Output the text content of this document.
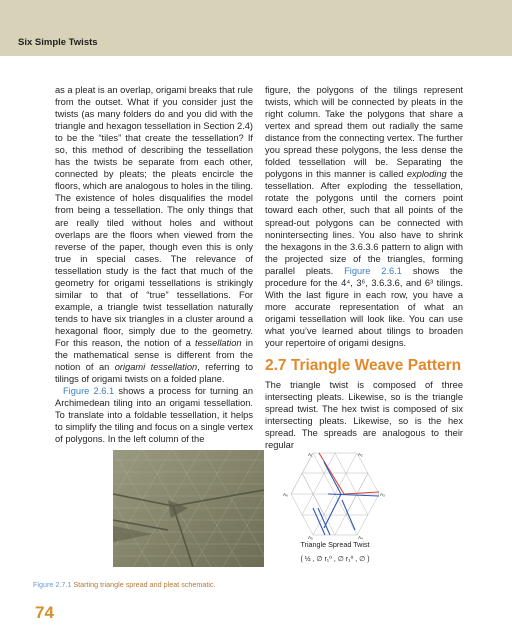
Six Simple Twists

as a pleat is an overlap, origami breaks that rule from the outset. What if you consider just the twists (as many folders do and you did with the triangle and hexagon tessellation in Section 2.4) to be the “tiles” that create the tessellation? If so, this method of describing the tessellation has the twists be separate from each other, connected by pleats; the pleats encircle the floors, which are analogous to holes in the tiling. The existence of holes disqualifies the model from being a tessellation. The only things that are really tiled without holes and without overlaps are the floors when viewed from the reverse of the paper, though even this is only true in special cases. The relevance of tessellation study is the fact that much of the geometry for origami tessellations is strikingly similar to that of “true” tessellations. For example, a triangle twist tessellation naturally tends to have six triangles in a cluster around a hexagonal floor, simply due to the geometry. For this reason, the notion of a tessellation in the mathematical sense is different from the notion of an origami tessellation, referring to tilings of origami twists on a folded plane.

Figure 2.6.1 shows a process for turning an Archimedean tiling into an origami tessellation. To translate into a foldable tessellation, it helps to simplify the tiling and focus on a single vertex of polygons. In the left column of the

figure, the polygons of the tilings represent twists, which will be connected by pleats in the right column. Take the polygons that share a vertex and spread them out radially the same distance from the connecting vertex. The further you spread these polygons, the less dense the folded tessellation will be. Separating the polygons in this manner is called exploding the tessellation. After exploding the tessellation, rotate the polygons until the corners point toward each other, such that all points of the spread-out polygons can be connected with nonintersecting lines. You also have to shrink the hexagons in the 3.6.3.6 pattern to align with the projected size of the triangles, forming parallel pleats. Figure 2.6.1 shows the procedure for the 4⁴, 3⁶, 3.6.3.6, and 6³ tilings. With the last figure in each row, you have a more accurate representation of what an origami tessellation will look like. You can use what you’ve learned about tilings to broaden your repertoire of origami designs.

2.7 Triangle Weave Pattern

The triangle twist is composed of three intersecting pleats. Likewise, so is the triangle spread twist. The hex twist is composed of six intersecting pleats. Likewise, so is the hex spread. The spreads are analogous to their regular

A₁	A₂
A₃
A₄
A₅
A₆
Triangle Spread Twist
( ½ , ∅ r₁⁰ , ∅ r₁⁰ , ∅ )
Figure 2.7.1 Starting triangle spread and pleat schematic.
74
